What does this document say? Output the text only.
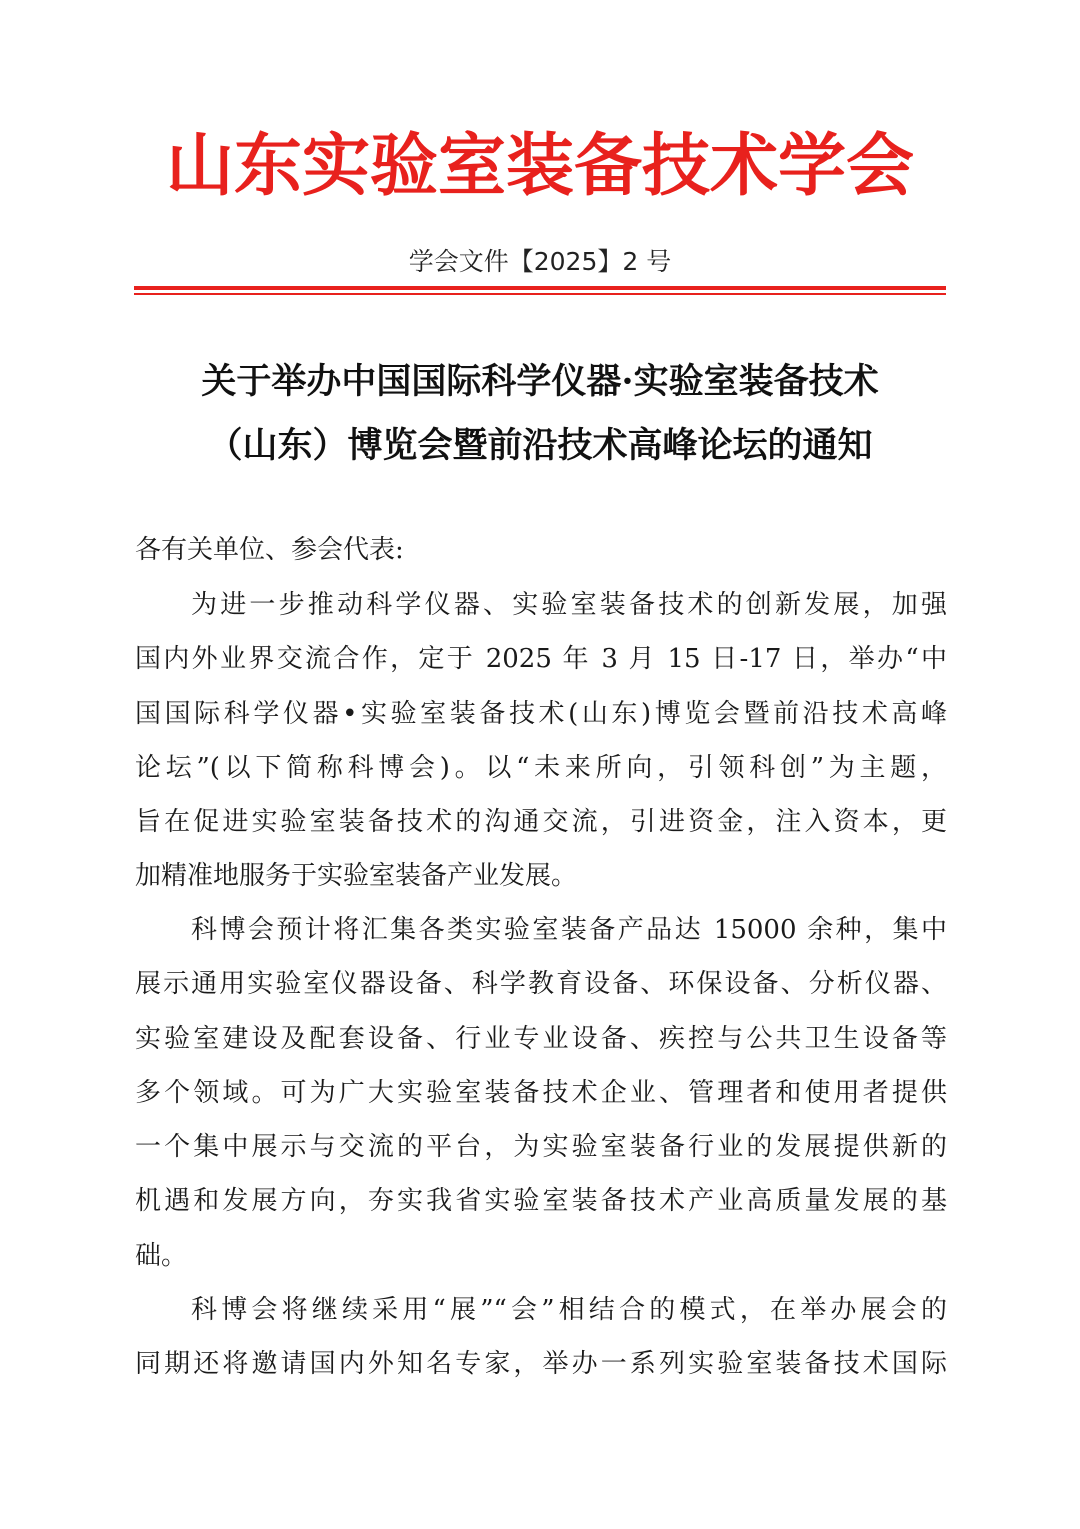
山东实验室装备技术学会
学会文件【2025】2 号
关于举办中国国际科学仪器·实验室装备技术
（山东）博览会暨前沿技术高峰论坛的通知
各有关单位、参会代表:
为进一步推动科学仪器、实验室装备技术的创新发展，加强
国内外业界交流合作，定于 2025 年 3 月 15 日-17 日，举办“中
国国际科学仪器•实验室装备技术(山东)博览会暨前沿技术高峰
论坛”(以下简称科博会)。以“未来所向，引领科创”为主题，
旨在促进实验室装备技术的沟通交流，引进资金，注入资本，更
加精准地服务于实验室装备产业发展。
科博会预计将汇集各类实验室装备产品达 15000 余种，集中
展示通用实验室仪器设备、科学教育设备、环保设备、分析仪器、
实验室建设及配套设备、行业专业设备、疾控与公共卫生设备等
多个领域。可为广大实验室装备技术企业、管理者和使用者提供
一个集中展示与交流的平台，为实验室装备行业的发展提供新的
机遇和发展方向，夯实我省实验室装备技术产业高质量发展的基
础。
科博会将继续采用“展”“会”相结合的模式，在举办展会的
同期还将邀请国内外知名专家，举办一系列实验室装备技术国际
